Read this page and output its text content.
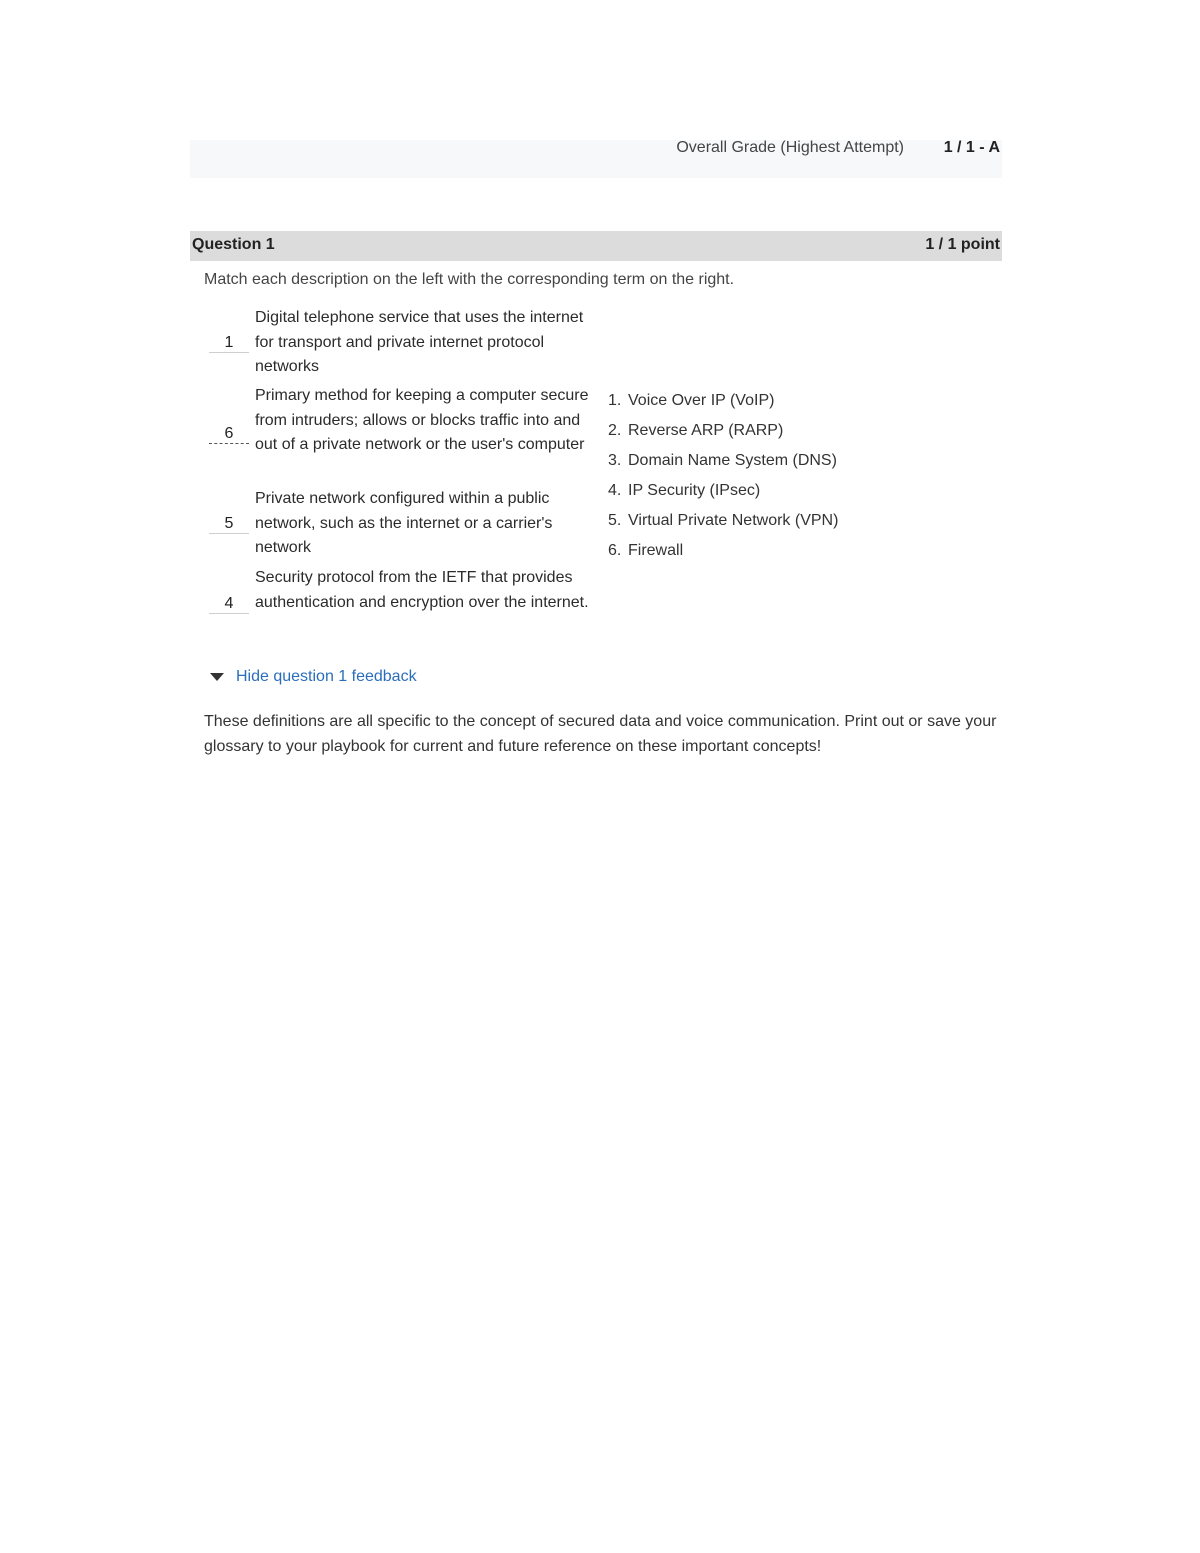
Overall Grade (Highest Attempt) 1 / 1 - A
Question 1	1 / 1 point
Match each description on the left with the corresponding term on the right.
1
Digital telephone service that uses the internet for transport and private internet protocol networks
6
Primary method for keeping a computer secure from intruders; allows or blocks traffic into and out of a private network or the user's computer
5
Private network configured within a public network, such as the internet or a carrier's network
4
Security protocol from the IETF that provides authentication and encryption over the internet.
1. Voice Over IP (VoIP)
2. Reverse ARP (RARP)
3. Domain Name System (DNS)
4. IP Security (IPsec)
5. Virtual Private Network (VPN)
6. Firewall
Hide question 1 feedback
These definitions are all specific to the concept of secured data and voice communication. Print out or save your glossary to your playbook for current and future reference on these important concepts!
